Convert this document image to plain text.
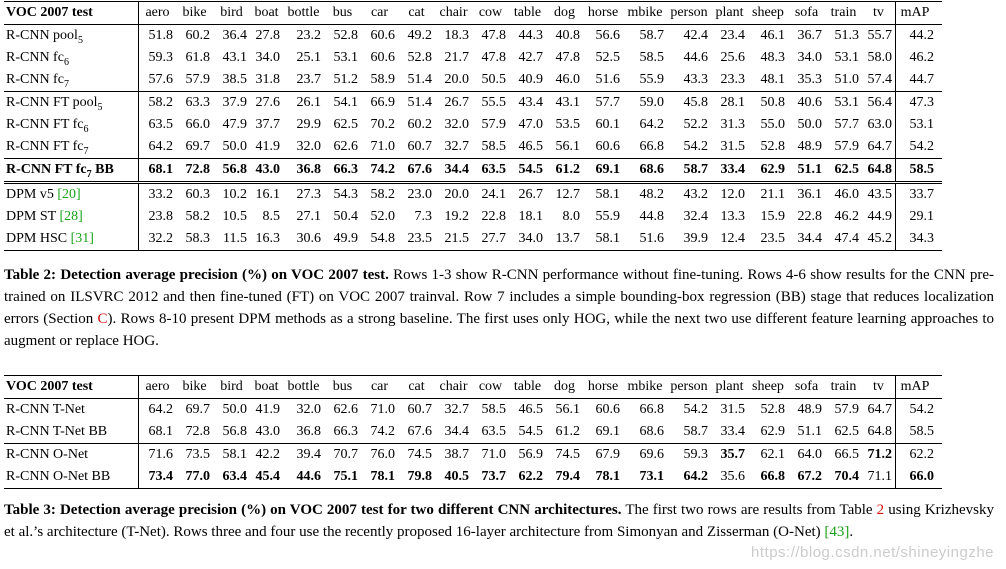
VOC 2007 test	aero	bike	bird	boat	bottle	bus	car	cat	chair	cow	table	dog	horse	mbike	person	plant	sheep	sofa	train	tv	mAP
R-CNN pool$_5$	51.8	60.2	36.4	27.8	23.2	52.8	60.6	49.2	18.3	47.8	44.3	40.8	56.6	58.7	42.4	23.4	46.1	36.7	51.3	55.7	44.2
R-CNN $fc_6$	59.3	61.8	43.1	34.0	25.1	53.1	60.6	52.8	21.7	47.8	42.7	47.8	52.5	58.5	44.6	25.6	48.3	34.0	53.1	58.0	46.2
R-CNN $fc_7$	57.6	57.9	38.5	31.8	23.7	51.2	58.9	51.4	20.0	50.5	40.9	46.0	51.6	55.9	43.3	23.3	48.1	35.3	51.0	57.4	44.7
R-CNN FT pool$_5$	58.2	63.3	37.9	27.6	26.1	54.1	66.9	51.4	26.7	55.5	43.4	43.1	57.7	59.0	45.8	28.1	50.8	40.6	53.1	56.4	47.3
R-CNN FT $fc_6$	63.5	66.0	47.9	37.7	29.9	62.5	70.2	60.2	32.0	57.9	47.0	53.5	60.1	64.2	52.2	31.3	55.0	50.0	57.7	63.0	53.1
R-CNN FT $fc_7$	64.2	69.7	50.0	41.9	32.0	62.6	71.0	60.7	32.7	58.5	46.5	56.1	60.6	66.8	54.2	31.5	52.8	48.9	57.9	64.7	54.2
R-CNN FT $fc_7$ BB	68.1	72.8	56.8	43.0	36.8	66.3	74.2	67.6	34.4	63.5	54.5	61.2	69.1	68.6	58.7	33.4	62.9	51.1	62.5	64.8	58.5
DPM v5 [20]	33.2	60.3	10.2	16.1	27.3	54.3	58.2	23.0	20.0	24.1	26.7	12.7	58.1	48.2	43.2	12.0	21.1	36.1	46.0	43.5	33.7
DPM ST [28]	23.8	58.2	10.5	8.5	27.1	50.4	52.0	7.3	19.2	22.8	18.1	8.0	55.9	44.8	32.4	13.3	15.9	22.8	46.2	44.9	29.1
DPM HSC [31]	32.2	58.3	11.5	16.3	30.6	49.9	54.8	23.5	21.5	27.7	34.0	13.7	58.1	51.6	39.9	12.4	23.5	34.4	47.4	45.2	34.3
Table 2: Detection average precision (%) on VOC 2007 test. Rows 1-3 show R-CNN performance without fine-tuning. Rows 4-6 show results for the CNN pre-trained on ILSVRC 2012 and then fine-tuned (FT) on VOC 2007 trainval. Row 7 includes a simple bounding-box regression (BB) stage that reduces localization errors (Section C). Rows 8-10 present DPM methods as a strong baseline. The first uses only HOG, while the next two use different feature learning approaches to augment or replace HOG.
VOC 2007 test	aero	bike	bird	boat	bottle	bus	car	cat	chair	cow	table	dog	horse	mbike	person	plant	sheep	sofa	train	tv	mAP
R-CNN T-Net	64.2	69.7	50.0	41.9	32.0	62.6	71.0	60.7	32.7	58.5	46.5	56.1	60.6	66.8	54.2	31.5	52.8	48.9	57.9	64.7	54.2
R-CNN T-Net BB	68.1	72.8	56.8	43.0	36.8	66.3	74.2	67.6	34.4	63.5	54.5	61.2	69.1	68.6	58.7	33.4	62.9	51.1	62.5	64.8	58.5
R-CNN O-Net	71.6	73.5	58.1	42.2	39.4	70.7	76.0	74.5	38.7	71.0	56.9	74.5	67.9	69.6	59.3	35.7	62.1	64.0	66.5	71.2	62.2
R-CNN O-Net BB	73.4	77.0	63.4	45.4	44.6	75.1	78.1	79.8	40.5	73.7	62.2	79.4	78.1	73.1	64.2	35.6	66.8	67.2	70.4	71.1	66.0
Table 3: Detection average precision (%) on VOC 2007 test for two different CNN architectures. The first two rows are results from Table 2 using Krizhevsky et al.’s architecture (T-Net). Rows three and four use the recently proposed 16-layer architecture from Simonyan and Zisserman (O-Net) [43].
https://blog.csdn.net/shineyingzhe
